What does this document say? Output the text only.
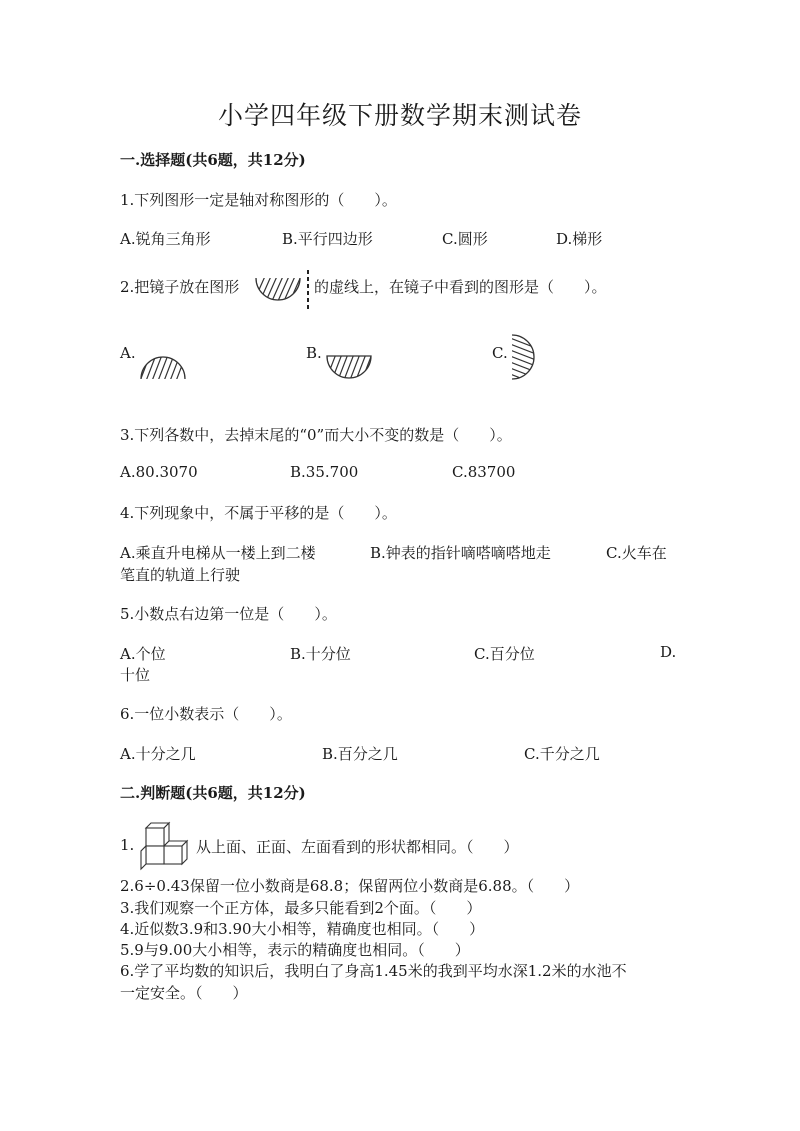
小学四年级下册数学期末测试卷
一.选择题(共6题，共12分)
1.下列图形一定是轴对称图形的（　　）。
A.锐角三角形	B.平行四边形	C.圆形	D.梯形
2.把镜子放在图形	的虚线上，在镜子中看到的图形是（　　）。
A.	B.	C.
3.下列各数中，去掉末尾的“0”而大小不变的数是（　　）。
A.80.3070	B.35.700	C.83700
4.下列现象中，不属于平移的是（　　）。
A.乘直升电梯从一楼上到二楼	B.钟表的指针嘀嗒嘀嗒地走	C.火车在
笔直的轨道上行驶
5.小数点右边第一位是（　　）。
A.个位	B.十分位	C.百分位	D.
十位
6.一位小数表示（　　）。
A.十分之几	B.百分之几	C.千分之几
二.判断题(共6题，共12分)
1.	从上面、正面、左面看到的形状都相同。（　　）
2.6÷0.43保留一位小数商是68.8；保留两位小数商是6.88。（　　）
3.我们观察一个正方体，最多只能看到2个面。（　　）
4.近似数3.9和3.90大小相等，精确度也相同。（　　）
5.9与9.00大小相等，表示的精确度也相同。（　　）
6.学了平均数的知识后，我明白了身高1.45米的我到平均水深1.2米的水池不
一定安全。（　　）
